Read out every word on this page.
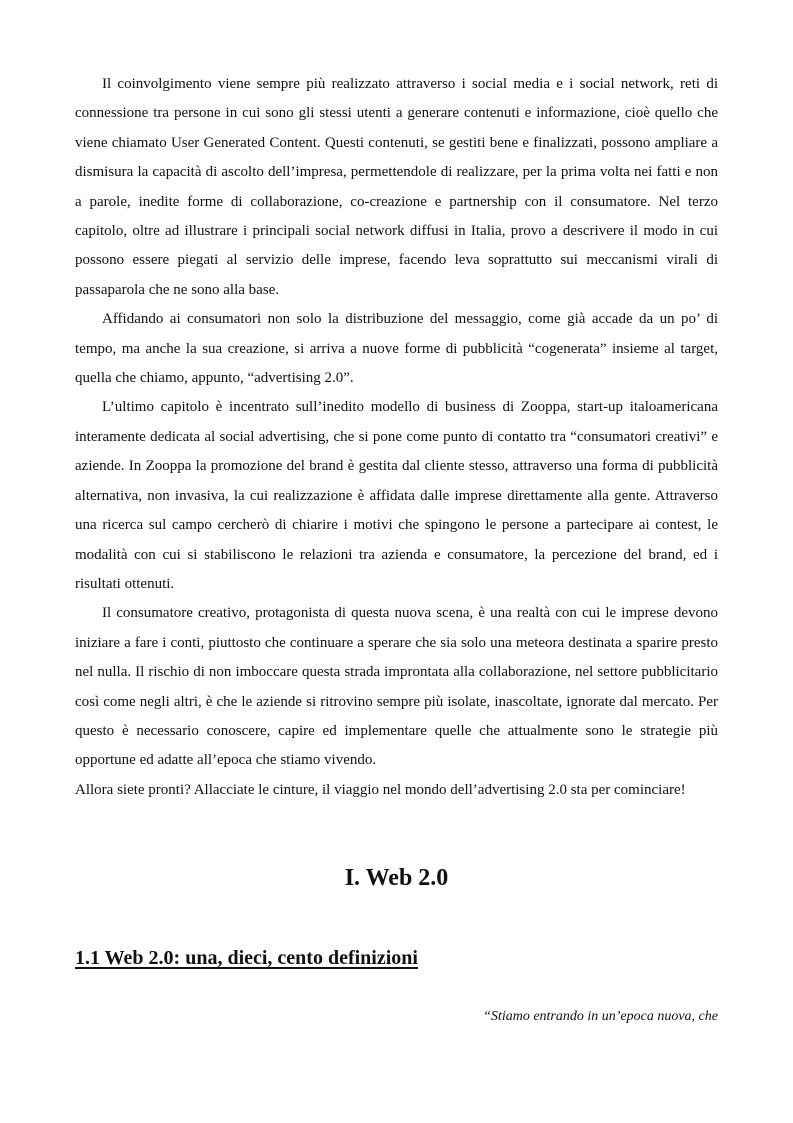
Il coinvolgimento viene sempre più realizzato attraverso i social media e i social network, reti di connessione tra persone in cui sono gli stessi utenti a generare contenuti e informazione, cioè quello che viene chiamato User Generated Content. Questi contenuti, se gestiti bene e finalizzati, possono ampliare a dismisura la capacità di ascolto dell’impresa, permettendole di realizzare, per la prima volta nei fatti e non a parole, inedite forme di collaborazione, co-creazione e partnership con il consumatore. Nel terzo capitolo, oltre ad illustrare i principali social network diffusi in Italia, provo a descrivere il modo in cui possono essere piegati al servizio delle imprese, facendo leva soprattutto sui meccanismi virali di passaparola che ne sono alla base.

Affidando ai consumatori non solo la distribuzione del messaggio, come già accade da un po’ di tempo, ma anche la sua creazione, si arriva a nuove forme di pubblicità “cogenerata” insieme al target, quella che chiamo, appunto, “advertising 2.0”.

L’ultimo capitolo è incentrato sull’inedito modello di business di Zooppa, start-up italoamericana interamente dedicata al social advertising, che si pone come punto di contatto tra “consumatori creativi” e aziende. In Zooppa la promozione del brand è gestita dal cliente stesso, attraverso una forma di pubblicità alternativa, non invasiva, la cui realizzazione è affidata dalle imprese direttamente alla gente. Attraverso una ricerca sul campo cercherò di chiarire i motivi che spingono le persone a partecipare ai contest, le modalità con cui si stabiliscono le relazioni tra azienda e consumatore, la percezione del brand, ed i risultati ottenuti.

Il consumatore creativo, protagonista di questa nuova scena, è una realtà con cui le imprese devono iniziare a fare i conti, piuttosto che continuare a sperare che sia solo una meteora destinata a sparire presto nel nulla. Il rischio di non imboccare questa strada improntata alla collaborazione, nel settore pubblicitario così come negli altri, è che le aziende si ritrovino sempre più isolate, inascoltate, ignorate dal mercato. Per questo è necessario conoscere, capire ed implementare quelle che attualmente sono le strategie più opportune ed adatte all’epoca che stiamo vivendo.

Allora siete pronti? Allacciate le cinture, il viaggio nel mondo dell’advertising 2.0 sta per cominciare!

I. Web 2.0
1.1 Web 2.0: una, dieci, cento definizioni

“Stiamo entrando in un’epoca nuova, che
